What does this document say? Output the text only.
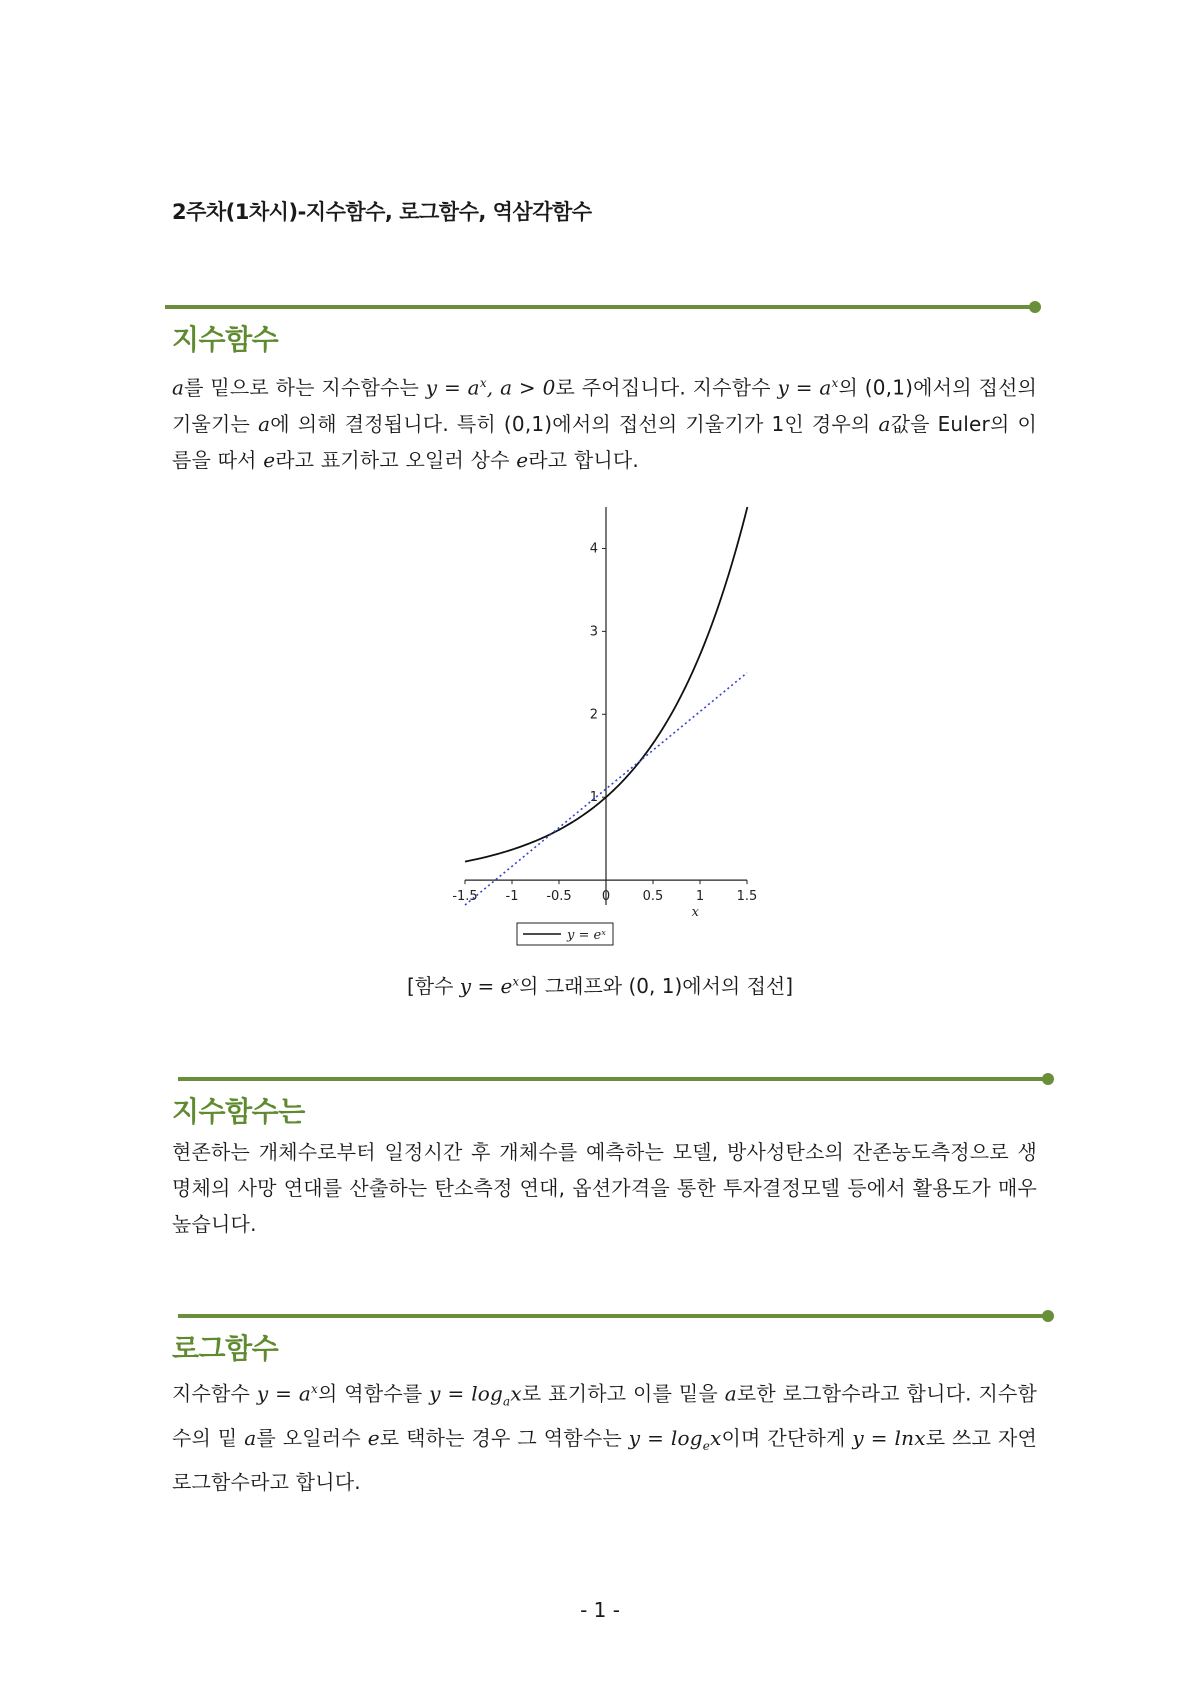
2주차(1차시)-지수함수, 로그함수, 역삼각함수
지수함수
a를 밑으로 하는 지수함수는 $y = a^x$, a > 0로 주어집니다. 지수함수 $y = a^x$의 (0,1)에서의 접선의 기울기는 a에 의해 결정됩니다. 특히 (0,1)에서의 접선의 기울기가 1인 경우의 a값을 Euler의 이름을 따서 e라고 표기하고 오일러 상수 e라고 합니다.
-1.5 -1 -0.5 0	0.5	1	1.5
1
2
3
4
x
y = eˣ
[함수 $y = e^x$의 그래프와 (0, 1)에서의 접선]
지수함수는
현존하는 개체수로부터 일정시간 후 개체수를 예측하는 모델, 방사성탄소의 잔존농도측정으로 생명체의 사망 연대를 산출하는 탄소측정 연대, 옵션가격을 통한 투자결정모델 등에서 활용도가 매우 높습니다.
로그함수
지수함수 $y = a^x$의 역함수를 $y = \log_ax$로 표기하고 이를 밑을 a로한 로그함수라고 합니다. 지수함수의 밑 a를 오일러수 e로 택하는 경우 그 역함수는 $y = \log_ex$이며 간단하게 y = lnx로 쓰고 자연로그함수라고 합니다.
- 1 -
